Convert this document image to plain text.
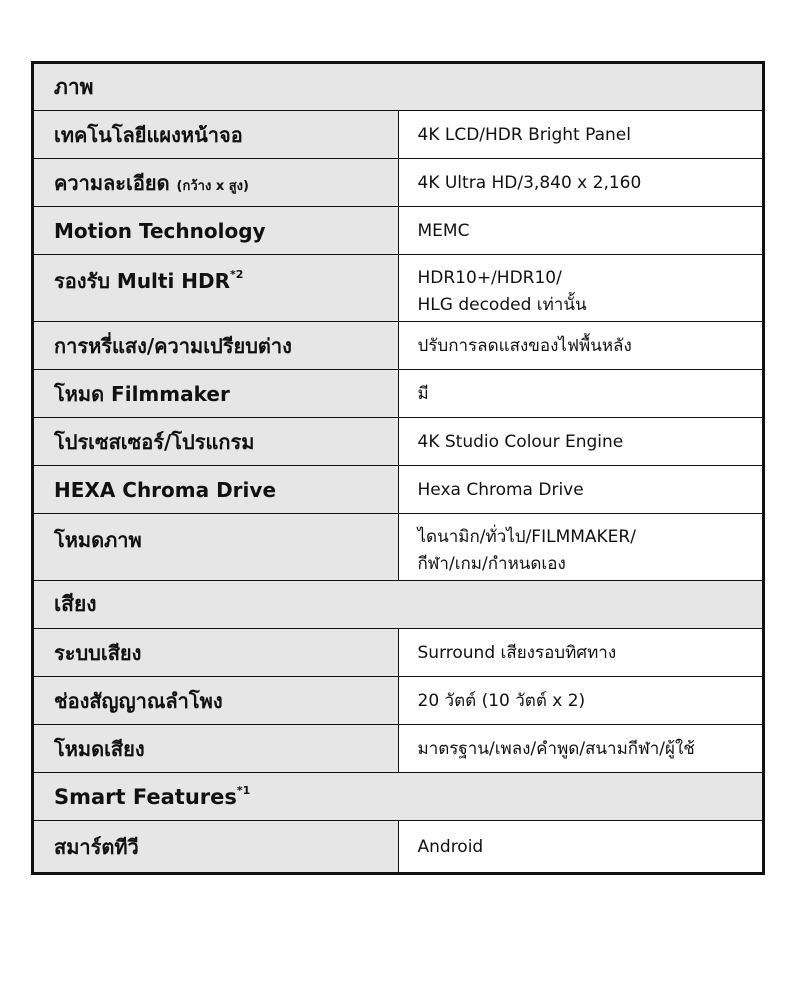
ภาพ	
เทคโนโลยีแผงหน้าจอ	4K LCD/HDR Bright Panel
ความละเอียด (กว้าง x สูง)	4K Ultra HD/3,840 x 2,160
Motion Technology	MEMC
รองรับ Multi HDR$^{*2}$	HDR10+/HDR10/
HLG decoded เท่านั้น

การหรี่แสง/ความเปรียบต่าง	ปรับการลดแสงของไฟพื้นหลัง
โหมด Filmmaker	มี
โปรเซสเซอร์/โปรแกรม	4K Studio Colour Engine
HEXA Chroma Drive	Hexa Chroma Drive
โหมดภาพ	ไดนามิก/ทั่วไป/FILMMAKER/
กีฬา/เกม/กำหนดเอง

เสียง	
ระบบเสียง	Surround เสียงรอบทิศทาง
ช่องสัญญาณลำโพง	20 วัตต์ (10 วัตต์ x 2)
โหมดเสียง	มาตรฐาน/เพลง/คำพูด/สนามกีฬา/ผู้ใช้
Smart Features$^{*1}$
สมาร์ตทีวี	Android
